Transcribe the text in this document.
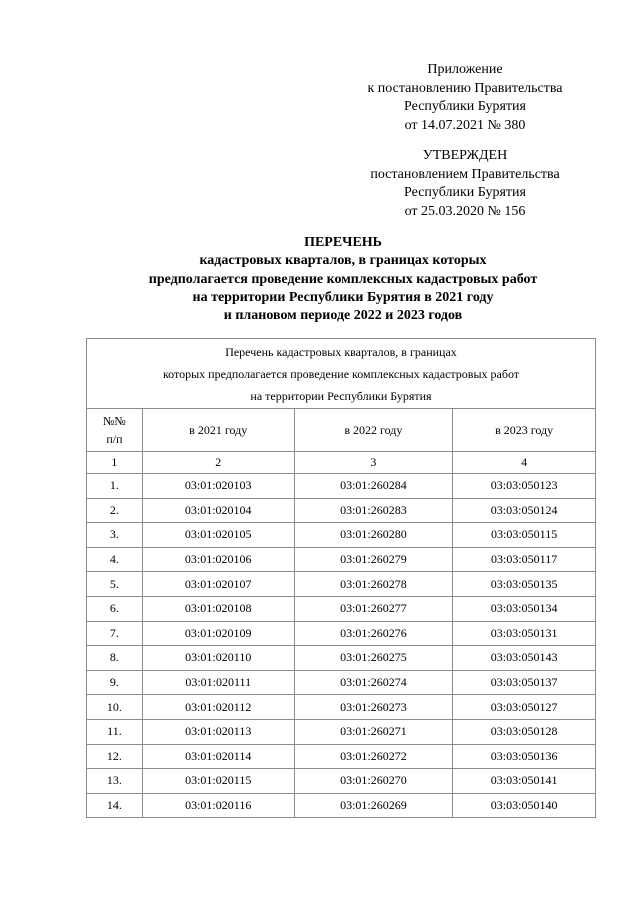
Приложение
к постановлению Правительства
Республики Бурятия
от 14.07.2021 № 380
УТВЕРЖДЕН
постановлением Правительства
Республики Бурятия
от 25.03.2020 № 156
ПЕРЕЧЕНЬ
кадастровых кварталов, в границах которых
предполагается проведение комплексных кадастровых работ
на территории Республики Бурятия в 2021 году
и плановом периоде 2022 и 2023 годов
Перечень кадастровых кварталов, в границах
которых предполагается проведение комплексных кадастровых работ
на территории Республики Бурятия			

№№
п/п	в 2021 году	в 2022 году	в 2023 году
1	2	3	4
1.	03:01:020103	03:01:260284	03:03:050123
2.	03:01:020104	03:01:260283	03:03:050124
3.	03:01:020105	03:01:260280	03:03:050115
4.	03:01:020106	03:01:260279	03:03:050117
5.	03:01:020107	03:01:260278	03:03:050135
6.	03:01:020108	03:01:260277	03:03:050134
7.	03:01:020109	03:01:260276	03:03:050131
8.	03:01:020110	03:01:260275	03:03:050143
9.	03:01:020111	03:01:260274	03:03:050137
10.	03:01:020112	03:01:260273	03:03:050127
11.	03:01:020113	03:01:260271	03:03:050128
12.	03:01:020114	03:01:260272	03:03:050136
13.	03:01:020115	03:01:260270	03:03:050141
14.	03:01:020116	03:01:260269	03:03:050140
